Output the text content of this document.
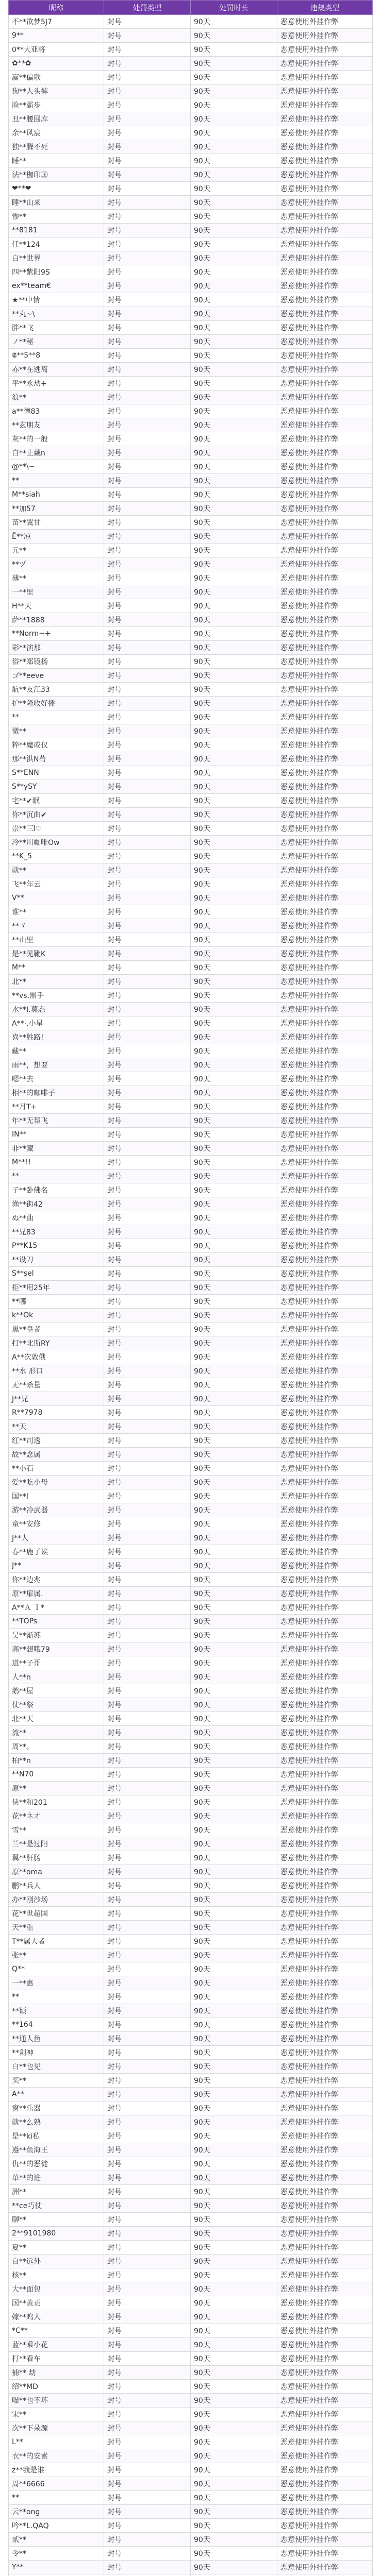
昵称	处罚类型	处罚时长	违规类型
不**欲梦5J7	封号	90天	恶意使用外挂作弊
9**	封号	90天	恶意使用外挂作弊
0**大亚将	封号	90天	恶意使用外挂作弊
✿**✿	封号	90天	恶意使用外挂作弊
赢**偏歌	封号	90天	恶意使用外挂作弊
狗**人头裤	封号	90天	恶意使用外挂作弊
脸**霸步	封号	90天	恶意使用外挂作弊
丑**腰围库	封号	90天	恶意使用外挂作弊
余**风宸	封号	90天	恶意使用外挂作弊
独**腾不死	封号	90天	恶意使用外挂作弊
睡**	封号	90天	恶意使用外挂作弊
法**枷印㊣	封号	90天	恶意使用外挂作弊
❤**❤	封号	90天	恶意使用外挂作弊
睡**山来	封号	90天	恶意使用外挂作弊
惨**	封号	90天	恶意使用外挂作弊
**8181	封号	90天	恶意使用外挂作弊
任**124	封号	90天	恶意使用外挂作弊
白**世界	封号	90天	恶意使用外挂作弊
四**紫阳9S	封号	90天	恶意使用外挂作弊
ex**team€	封号	90天	恶意使用外挂作弊
★**中情	封号	90天	恶意使用外挂作弊
**丸~\	封号	90天	恶意使用外挂作弊
胖**飞	封号	90天	恶意使用外挂作弊
ノ**秘	封号	90天	恶意使用外挂作弊
𝕾**5**8	封号	90天	恶意使用外挂作弊
赤**在逃离	封号	90天	恶意使用外挂作弊
平**永劫+	封号	90天	恶意使用外挂作弊
浪**	封号	90天	恶意使用外挂作弊
a**德83	封号	90天	恶意使用外挂作弊
**玄朋友	封号	90天	恶意使用外挂作弊
灰**的一般	封号	90天	恶意使用外挂作弊
白**止戴n	封号	90天	恶意使用外挂作弊
@**\~	封号	90天	恶意使用外挂作弊
**	封号	90天	恶意使用外挂作弊
M**siah	封号	90天	恶意使用外挂作弊
**加57	封号	90天	恶意使用外挂作弊
苗**翼甘	封号	90天	恶意使用外挂作弊
Ё**凉	封号	90天	恶意使用外挂作弊
元**	封号	90天	恶意使用外挂作弊
**ヅ	封号	90天	恶意使用外挂作弊
薄**	封号	90天	恶意使用外挂作弊
一**里	封号	90天	恶意使用外挂作弊
H**天	封号	90天	恶意使用外挂作弊
萨**1888	封号	90天	恶意使用外挂作弊
**Norm~+	封号	90天	恶意使用外挂作弊
彩**演那	封号	90天	恶意使用外挂作弊
俗**郑镜杨	封号	90天	恶意使用外挂作弊
ゴ**eeve	封号	90天	恶意使用外挂作弊
航**友江33	封号	90天	恶意使用外挂作弊
护**隆收好播	封号	90天	恶意使用外挂作弊
**	封号	90天	恶意使用外挂作弊
微**	封号	90天	恶意使用外挂作弊
粹**魔或仅	封号	90天	恶意使用外挂作弊
那**洪N苟	封号	90天	恶意使用外挂作弊
S**ENN	封号	90天	恶意使用外挂作弊
S**ySY	封号	90天	恶意使用外挂作弊
宅**✔眠	封号	90天	恶意使用外挂作弊
你**沉曲✔	封号	90天	恶意使用外挂作弊
崇**三l♡	封号	90天	恶意使用外挂作弊
冷**川咖啡Ow	封号	90天	恶意使用外挂作弊
**K_5	封号	90天	恶意使用外挂作弊
就**	封号	90天	恶意使用外挂作弊
飞**年云	封号	90天	恶意使用外挂作弊
V**	封号	90天	恶意使用外挂作弊
谁**	封号	90天	恶意使用外挂作弊
**ゞ	封号	90天	恶意使用外挂作弊
**山里	封号	90天	恶意使用外挂作弊
是**见靴K	封号	90天	恶意使用外挂作弊
M**	封号	90天	恶意使用外挂作弊
北**	封号	90天	恶意使用外挂作弊
**vs.黑手	封号	90天	恶意使用外挂作弊
水**I.莫态	封号	90天	恶意使用外挂作弊
A**·.小星	封号	90天	恶意使用外挂作弊
喜**胜路!	封号	90天	恶意使用外挂作弊
藏**	封号	90天	恶意使用外挂作弊
雨**，想要	封号	90天	恶意使用外挂作弊
嗯**去	封号	90天	恶意使用外挂作弊
相**的咖啡子	封号	90天	恶意使用外挂作弊
**月T+	封号	90天	恶意使用外挂作弊
年**无帮飞	封号	90天	恶意使用外挂作弊
IN**	封号	90天	恶意使用外挂作弊
非**藏	封号	90天	恶意使用外挂作弊
M**!!	封号	90天	恶意使用外挂作弊
**	封号	90天	恶意使用外挂作弊
子**卧佛名	封号	90天	恶意使用外挂作弊
渔**街42	封号	90天	恶意使用外挂作弊
ぬ**曲	封号	90天	恶意使用外挂作弊
**兄83	封号	90天	恶意使用外挂作弊
P**K15	封号	90天	恶意使用外挂作弊
**设刀	封号	90天	恶意使用外挂作弊
S**sel	封号	90天	恶意使用外挂作弊
拒**用25年	封号	90天	恶意使用外挂作弊
**哪	封号	90天	恶意使用外挂作弊
k**Ok	封号	90天	恶意使用外挂作弊
黑**皇者	封号	90天	恶意使用外挂作弊
打**北斯RY	封号	90天	恶意使用外挂作弊
A**次敦俄	封号	90天	恶意使用外挂作弊
**水 形口	封号	90天	恶意使用外挂作弊
无**杀量	封号	90天	恶意使用外挂作弊
J**兄	封号	90天	恶意使用外挂作弊
R**7978	封号	90天	恶意使用外挂作弊
**天	封号	90天	恶意使用外挂作弊
红**司透	封号	90天	恶意使用外挂作弊
故**念属	封号	90天	恶意使用外挂作弊
**小石	封号	90天	恶意使用外挂作弊
爱**吃小母	封号	90天	恶意使用外挂作弊
国**l	封号	90天	恶意使用外挂作弊
游**冷武器	封号	90天	恶意使用外挂作弊
童**安修	封号	90天	恶意使用外挂作弊
J**人	封号	90天	恶意使用外挂作弊
春**鹿了诶	封号	90天	恶意使用外挂作弊
J**	封号	90天	恶意使用外挂作弊
你**边兆	封号	90天	恶意使用外挂作弊
原**扉属.	封号	90天	恶意使用外挂作弊
A**Ａ Ｉ*	封号	90天	恶意使用外挂作弊
**TOPs	封号	90天	恶意使用外挂作弊
吴**渐苏	封号	90天	恶意使用外挂作弊
高**想哦79	封号	90天	恶意使用外挂作弊
道**子哥	封号	90天	恶意使用外挂作弊
人**n	封号	90天	恶意使用外挂作弊
鹅**屋	封号	90天	恶意使用外挂作弊
仗**祭	封号	90天	恶意使用外挂作弊
北**天	封号	90天	恶意使用外挂作弊
流**	封号	90天	恶意使用外挂作弊
周**。	封号	90天	恶意使用外挂作弊
柏**n	封号	90天	恶意使用外挂作弊
**N70	封号	90天	恶意使用外挂作弊
原**	封号	90天	恶意使用外挂作弊
侠**和201	封号	90天	恶意使用外挂作弊
花**ネ才	封号	90天	恶意使用外挂作弊
雪**	封号	90天	恶意使用外挂作弊
兰**是过阳	封号	90天	恶意使用外挂作弊
翼**肝肠	封号	90天	恶意使用外挂作弊
原**oma	封号	90天	恶意使用外挂作弊
鹏**兵人	封号	90天	恶意使用外挂作弊
办**刚沙场	封号	90天	恶意使用外挂作弊
花**世超国	封号	90天	恶意使用外挂作弊
天**重	封号	90天	恶意使用外挂作弊
T**属大者	封号	90天	恶意使用外挂作弊
张**	封号	90天	恶意使用外挂作弊
Q**	封号	90天	恶意使用外挂作弊
一**惠	封号	90天	恶意使用外挂作弊
**	封号	90天	恶意使用外挂作弊
**颖	封号	90天	恶意使用外挂作弊
**164	封号	90天	恶意使用外挂作弊
**通人鱼	封号	90天	恶意使用外挂作弊
**剑神	封号	90天	恶意使用外挂作弊
白**也见	封号	90天	恶意使用外挂作弊
买**	封号	90天	恶意使用外挂作弊
A**	封号	90天	恶意使用外挂作弊
窗**乐器	封号	90天	恶意使用外挂作弊
就**么熟	封号	90天	恶意使用外挂作弊
是**ki私	封号	90天	恶意使用外挂作弊
遵**鱼海王	封号	90天	恶意使用外挂作弊
仇**的恶徒	封号	90天	恶意使用外挂作弊
单**的进	封号	90天	恶意使用外挂作弊
洲**	封号	90天	恶意使用外挂作弊
**ce巧仗	封号	90天	恶意使用外挂作弊
聊**	封号	90天	恶意使用外挂作弊
2**9101980	封号	90天	恶意使用外挂作弊
夏**	封号	90天	恶意使用外挂作弊
白**远外	封号	90天	恶意使用外挂作弊
核**	封号	90天	恶意使用外挂作弊
大**面包	封号	90天	恶意使用外挂作弊
国**黄贡	封号	90天	恶意使用外挂作弊
嫁**鸡人	封号	90天	恶意使用外挂作弊
*C**	封号	90天	恶意使用外挂作弊
蓝**乘小花	封号	90天	恶意使用外挂作弊
打**看车	封号	90天	恶意使用外挂作弊
捕** 劫	封号	90天	恶意使用外挂作弊
绍**MD	封号	90天	恶意使用外挂作弊
喵**也不坏	封号	90天	恶意使用外挂作弊
宋**	封号	90天	恶意使用外挂作弊
次**下朵源	封号	90天	恶意使用外挂作弊
L**	封号	90天	恶意使用外挂作弊
衣**的安素	封号	90天	恶意使用外挂作弊
z**我是谁	封号	90天	恶意使用外挂作弊
周**6666	封号	90天	恶意使用外挂作弊
**	封号	90天	恶意使用外挂作弊
云**ong	封号	90天	恶意使用外挂作弊
吟**L.QAQ	封号	90天	恶意使用外挂作弊
贰**	封号	90天	恶意使用外挂作弊
令**	封号	90天	恶意使用外挂作弊
Y**	封号	90天	恶意使用外挂作弊
